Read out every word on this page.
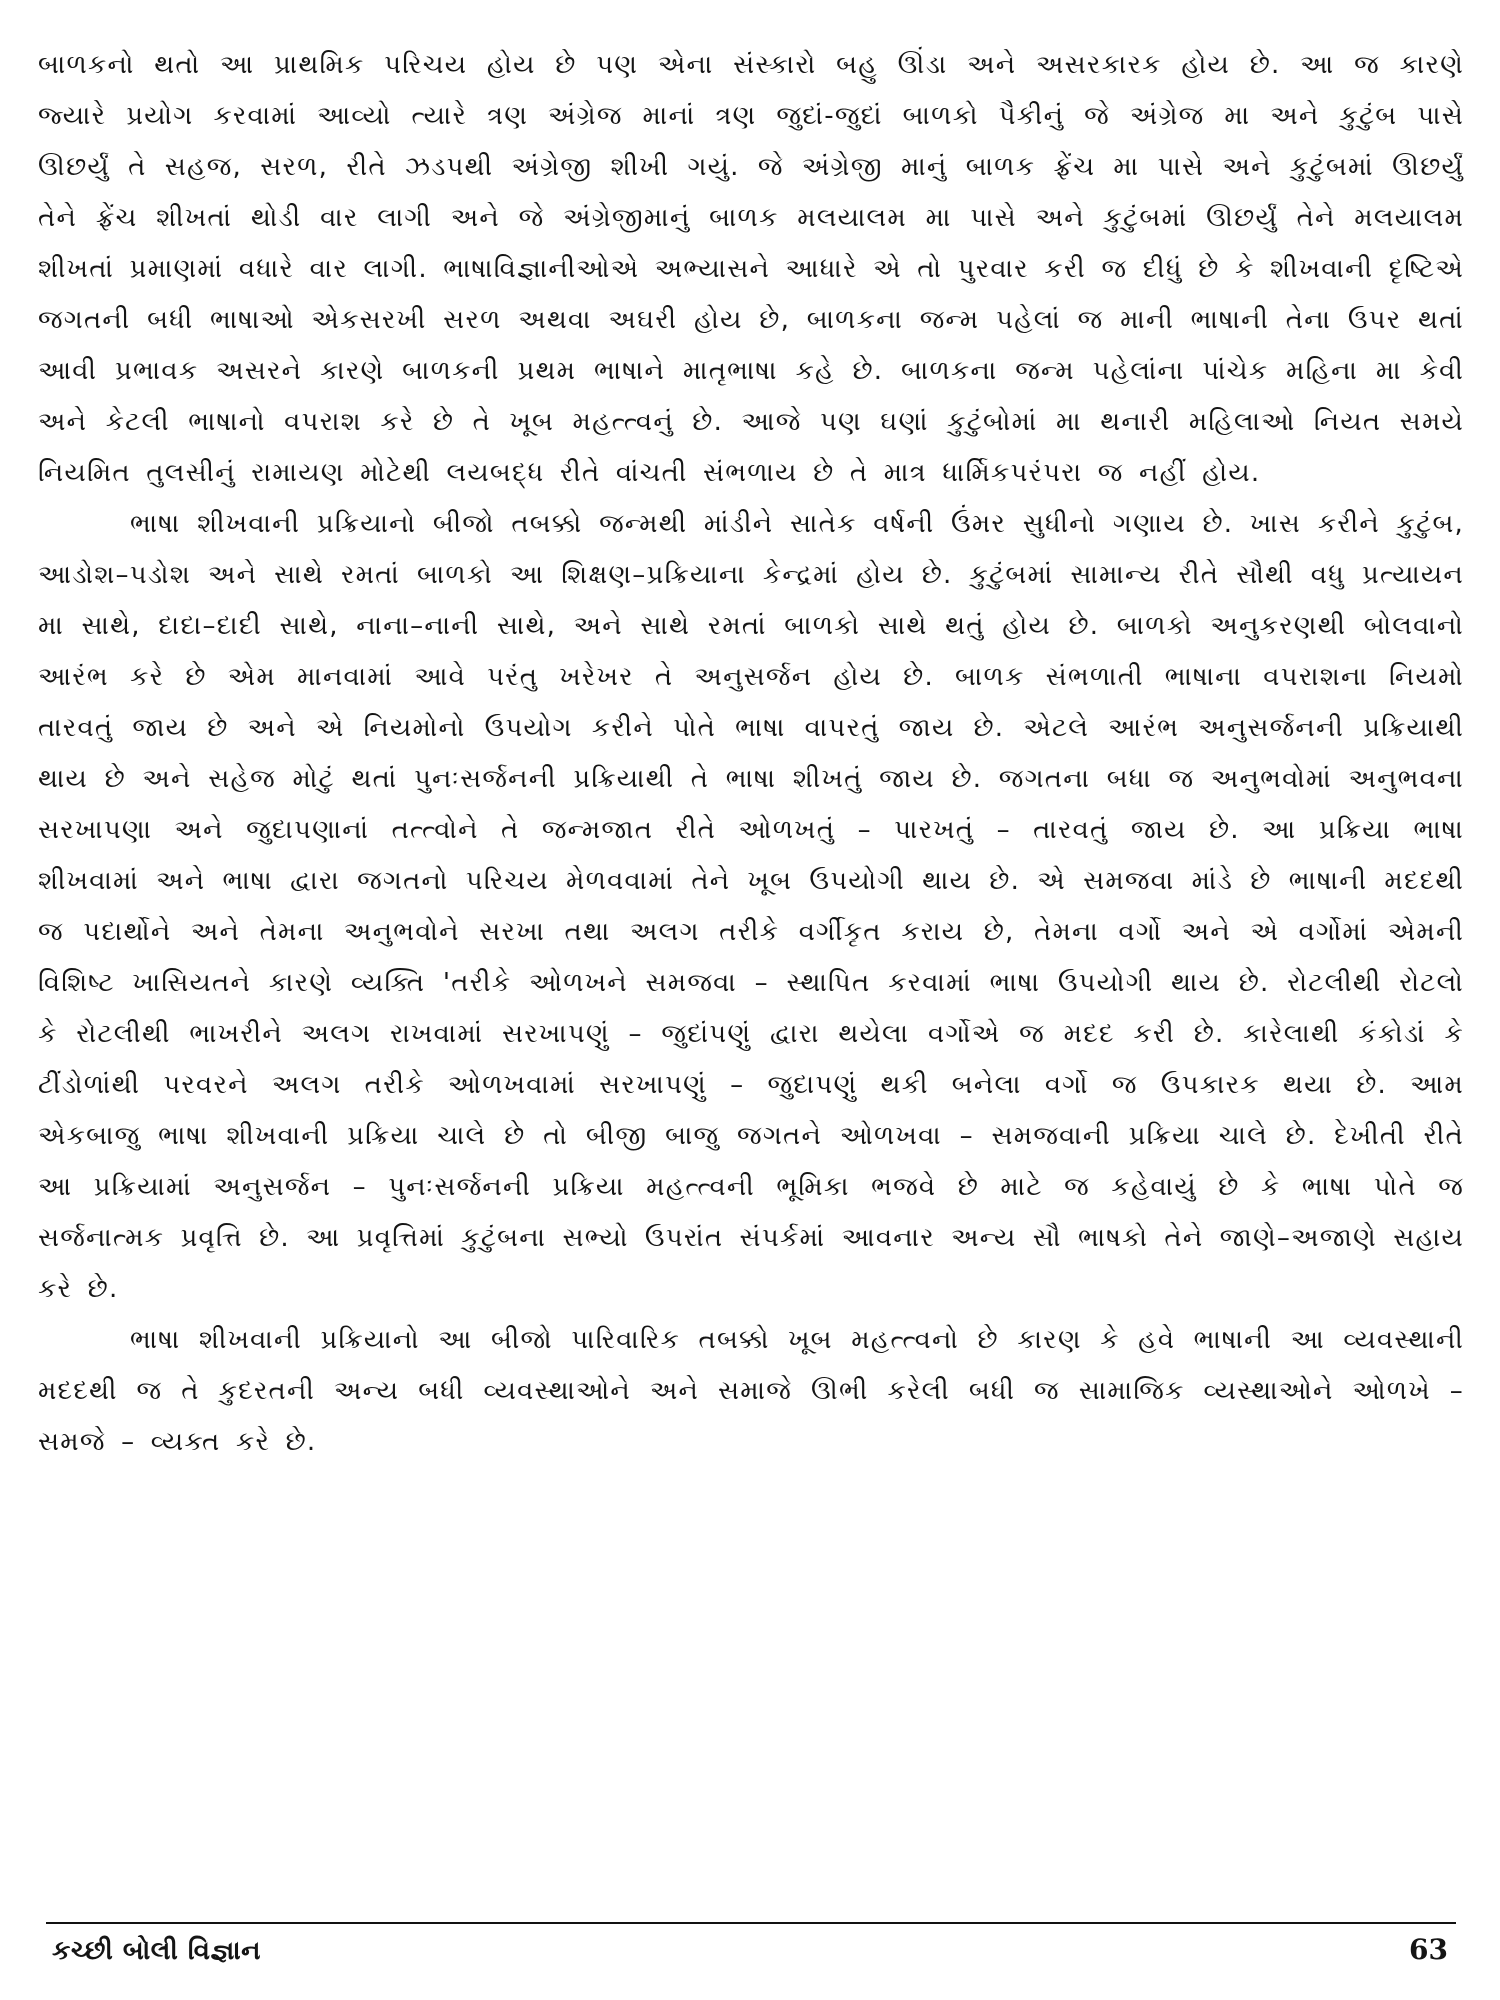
બાળકનો થતો આ પ્રાથમિક પરિચય હોય છે પણ એના સંસ્કારો બહુ ઊંડા અને અસરકારક હોય છે. આ જ કારણે જ્યારે પ્રયોગ કરવામાં આવ્યો ત્યારે ત્રણ અંગ્રેજ માનાં ત્રણ જુદાં-જુદાં બાળકો પૈકીનું જે અંગ્રેજ મા અને કુટુંબ પાસે ઊછર્યું તે સહજ, સરળ, રીતે ઝડપથી અંગ્રેજી શીખી ગયું. જે અંગ્રેજી માનું બાળક ફ્રેંચ મા પાસે અને કુટુંબમાં ઊછર્યું તેને ફ્રેંચ શીખતાં થોડી વાર લાગી અને જે અંગ્રેજીમાનું બાળક મલયાલમ મા પાસે અને કુટુંબમાં ઊછર્યું તેને મલયાલમ શીખતાં પ્રમાણમાં વધારે વાર લાગી. ભાષાવિજ્ઞાનીઓએ અભ્યાસને આધારે એ તો પુરવાર કરી જ દીધું છે કે શીખવાની દૃષ્ટિએ જગતની બધી ભાષાઓ એકસરખી સરળ અથવા અઘરી હોય છે, બાળકના જન્મ પહેલાં જ માની ભાષાની તેના ઉપર થતાં આવી પ્રભાવક અસરને કારણે બાળકની પ્રથમ ભાષાને માતૃભાષા કહે છે. બાળકના જન્મ પહેલાંના પાંચેક મહિના મા કેવી અને કેટલી ભાષાનો વપરાશ કરે છે તે ખૂબ મહત્ત્વનું છે. આજે પણ ઘણાં કુટુંબોમાં મા થનારી મહિલાઓ નિયત સમયે નિયમિત તુલસીનું રામાયણ મોટેથી લયબદ્ધ રીતે વાંચતી સંભળાય છે તે માત્ર ધાર્મિકપરંપરા જ નહીં હોય.

ભાષા શીખવાની પ્રક્રિયાનો બીજો તબક્કો જન્મથી માંડીને સાતેક વર્ષની ઉંમર સુધીનો ગણાય છે. ખાસ કરીને કુટુંબ, આડોશ–પડોશ અને સાથે રમતાં બાળકો આ શિક્ષણ–પ્રક્રિયાના કેન્દ્રમાં હોય છે. કુટુંબમાં સામાન્ય રીતે સૌથી વધુ પ્રત્યાયન મા સાથે, દાદા–દાદી સાથે, નાના–નાની સાથે, અને સાથે રમતાં બાળકો સાથે થતું હોય છે. બાળકો અનુકરણથી બોલવાનો આરંભ કરે છે એમ માનવામાં આવે પરંતુ ખરેખર તે અનુસર્જન હોય છે. બાળક સંભળાતી ભાષાના વપરાશના નિયમો તારવતું જાય છે અને એ નિયમોનો ઉપયોગ કરીને પોતે ભાષા વાપરતું જાય છે. એટલે આરંભ અનુસર્જનની પ્રક્રિયાથી થાય છે અને સહેજ મોટું થતાં પુનઃસર્જનની પ્રક્રિયાથી તે ભાષા શીખતું જાય છે. જગતના બધા જ અનુભવોમાં અનુભવના સરખાપણા અને જુદાપણાનાં તત્ત્વોને તે જન્મજાત રીતે ઓળખતું – પારખતું – તારવતું જાય છે. આ પ્રક્રિયા ભાષા શીખવામાં અને ભાષા દ્વારા જગતનો પરિચય મેળવવામાં તેને ખૂબ ઉપયોગી થાય છે. એ સમજવા માંડે છે ભાષાની મદદથી જ પદાર્થોને અને તેમના અનુભવોને સરખા તથા અલગ તરીકે વર્ગીકૃત કરાય છે, તેમના વર્ગો અને એ વર્ગોમાં એમની વિશિષ્ટ ખાસિયતને કારણે વ્યક્તિ 'તરીકે ઓળખને સમજવા – સ્થાપિત કરવામાં ભાષા ઉપયોગી થાય છે. રોટલીથી રોટલો કે રોટલીથી ભાખરીને અલગ રાખવામાં સરખાપણું – જુદાંપણું દ્વારા થયેલા વર્ગોએ જ મદદ કરી છે. કારેલાથી કંકોડાં કે ટીંડોળાંથી પરવરને અલગ તરીકે ઓળખવામાં સરખાપણું – જુદાપણું થકી બનેલા વર્ગો જ ઉપકારક થયા છે. આમ એકબાજુ ભાષા શીખવાની પ્રક્રિયા ચાલે છે તો બીજી બાજુ જગતને ઓળખવા – સમજવાની પ્રક્રિયા ચાલે છે. દેખીતી રીતે આ પ્રક્રિયામાં અનુસર્જન – પુનઃસર્જનની પ્રક્રિયા મહત્ત્વની ભૂમિકા ભજવે છે માટે જ કહેવાયું છે કે ભાષા પોતે જ સર્જનાત્મક પ્રવૃત્તિ છે. આ પ્રવૃત્તિમાં કુટુંબના સભ્યો ઉપરાંત સંપર્કમાં આવનાર અન્ય સૌ ભાષકો તેને જાણે–અજાણે સહાય કરે છે.

ભાષા શીખવાની પ્રક્રિયાનો આ બીજો પારિવારિક તબક્કો ખૂબ મહત્ત્વનો છે કારણ કે હવે ભાષાની આ વ્યવસ્થાની મદદથી જ તે કુદરતની અન્ય બધી વ્યવસ્થાઓને અને સમાજે ઊભી કરેલી બધી જ સામાજિક વ્યસ્થાઓને ઓળખે – સમજે – વ્યક્ત કરે છે.

કચ્છી બોલી વિજ્ઞાન	63
